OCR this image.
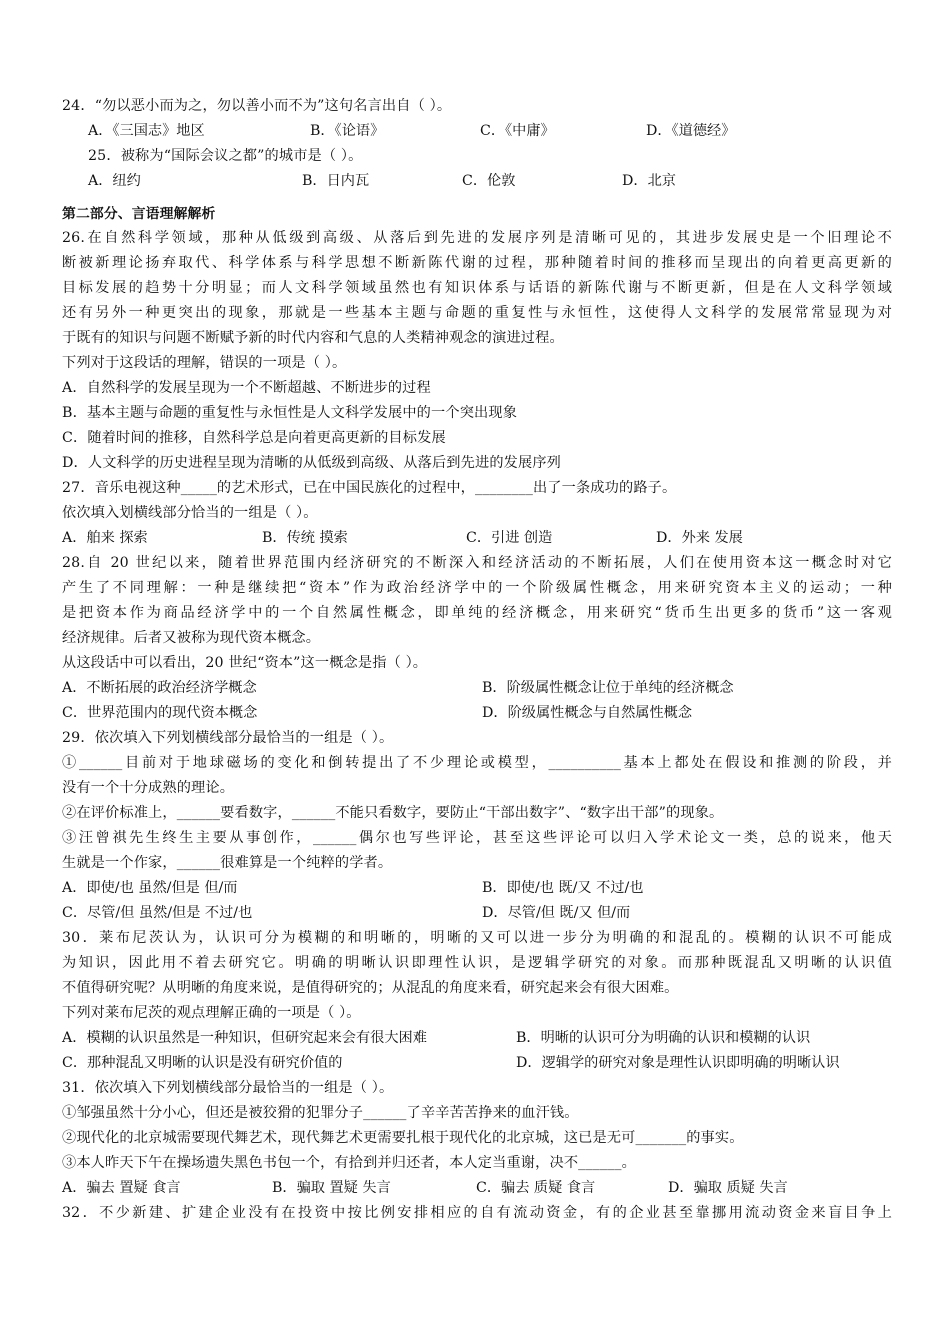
24．“勿以恶小而为之，勿以善小而不为”这句名言出自（ ）。
A．《三国志》地区	B．《论语》	C．《中庸》	D．《道德经》
25．被称为“国际会议之都”的城市是（ ）。
A．纽约	B．日内瓦	C．伦敦	D．北京
第二部分、言语理解解析
26.在自然科学领域，那种从低级到高级、从落后到先进的发展序列是清晰可见的，其进步发展史是一个旧理论不
断被新理论扬弃取代、科学体系与科学思想不断新陈代谢的过程，那种随着时间的推移而呈现出的向着更高更新的
目标发展的趋势十分明显；而人文科学领域虽然也有知识体系与话语的新陈代谢与不断更新，但是在人文科学领域
还有另外一种更突出的现象，那就是一些基本主题与命题的重复性与永恒性，这使得人文科学的发展常常显现为对
于既有的知识与问题不断赋予新的时代内容和气息的人类精神观念的演进过程。
下列对于这段话的理解，错误的一项是（ ）。
A．自然科学的发展呈现为一个不断超越、不断进步的过程
B．基本主题与命题的重复性与永恒性是人文科学发展中的一个突出现象
C．随着时间的推移，自然科学总是向着更高更新的目标发展
D．人文科学的历史进程呈现为清晰的从低级到高级、从落后到先进的发展序列
27．音乐电视这种_____的艺术形式，已在中国民族化的过程中，________出了一条成功的路子。
依次填入划横线部分恰当的一组是（ ）。
A．舶来 探索	B．传统 摸索	C．引进 创造	D．外来 发展
28.自 20 世纪以来，随着世界范围内经济研究的不断深入和经济活动的不断拓展，人们在使用资本这一概念时对它
产生了不同理解：一种是继续把“资本”作为政治经济学中的一个阶级属性概念，用来研究资本主义的运动；一种
是把资本作为商品经济学中的一个自然属性概念，即单纯的经济概念，用来研究“货币生出更多的货币”这一客观
经济规律。后者又被称为现代资本概念。
从这段话中可以看出，20 世纪“资本”这一概念是指（ ）。
A．不断拓展的政治经济学概念	B．阶级属性概念让位于单纯的经济概念
C．世界范围内的现代资本概念	D．阶级属性概念与自然属性概念
29．依次填入下列划横线部分最恰当的一组是（ ）。
①______目前对于地球磁场的变化和倒转提出了不少理论或模型，__________基本上都处在假设和推测的阶段，并
没有一个十分成熟的理论。
②在评价标准上，______要看数字，______不能只看数字，要防止“干部出数字”、“数字出干部”的现象。
③汪曾祺先生终生主要从事创作，______偶尔也写些评论，甚至这些评论可以归入学术论文一类，总的说来，他天
生就是一个作家，______很难算是一个纯粹的学者。
A．即使/也 虽然/但是 但/而	B．即使/也 既/又 不过/也
C．尽管/但 虽然/但是 不过/也	D．尽管/但 既/又 但/而
30．莱布尼茨认为，认识可分为模糊的和明晰的，明晰的又可以进一步分为明确的和混乱的。模糊的认识不可能成
为知识，因此用不着去研究它。明确的明晰认识即理性认识，是逻辑学研究的对象。而那种既混乱又明晰的认识值
不值得研究呢？从明晰的角度来说，是值得研究的；从混乱的角度来看，研究起来会有很大困难。
下列对莱布尼茨的观点理解正确的一项是（ ）。
A．模糊的认识虽然是一种知识，但研究起来会有很大困难	B．明晰的认识可分为明确的认识和模糊的认识
C．那种混乱又明晰的认识是没有研究价值的	D．逻辑学的研究对象是理性认识即明确的明晰认识
31．依次填入下列划横线部分最恰当的一组是（ ）。
①邹强虽然十分小心，但还是被狡猾的犯罪分子______了辛辛苦苦挣来的血汗钱。
②现代化的北京城需要现代舞艺术，现代舞艺术更需要扎根于现代化的北京城，这已是无可_______的事实。
③本人昨天下午在操场遗失黑色书包一个，有拾到并归还者，本人定当重谢，决不______。
A．骗去 置疑 食言	B．骗取 置疑 失言	C．骗去 质疑 食言	D．骗取 质疑 失言
32．不少新建、扩建企业没有在投资中按比例安排相应的自有流动资金，有的企业甚至靠挪用流动资金来盲目争上
